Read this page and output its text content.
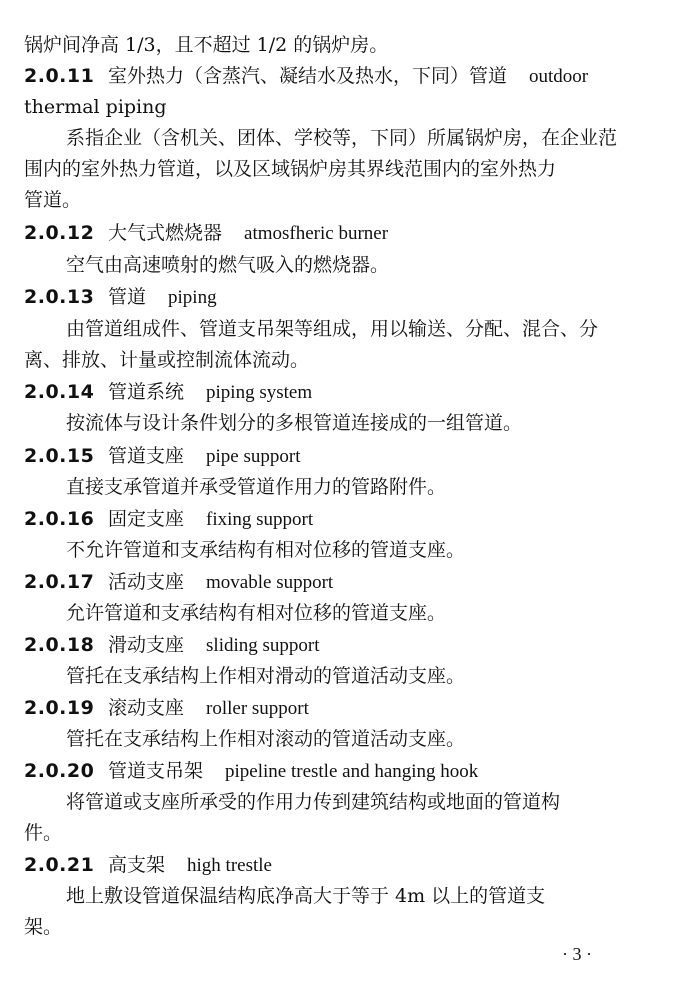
锅炉间净高 1/3，且不超过 1/2 的锅炉房。
2.0.11 室外热力（含蒸汽、凝结水及热水，下同）管道 outdoor
thermal piping
系指企业（含机关、团体、学校等，下同）所属锅炉房，在企业范
围内的室外热力管道，以及区域锅炉房其界线范围内的室外热力
管道。
2.0.12 大气式燃烧器 atmosfheric burner
空气由高速喷射的燃气吸入的燃烧器。
2.0.13 管道 piping
由管道组成件、管道支吊架等组成，用以输送、分配、混合、分
离、排放、计量或控制流体流动。
2.0.14 管道系统 piping system
按流体与设计条件划分的多根管道连接成的一组管道。
2.0.15 管道支座 pipe support
直接支承管道并承受管道作用力的管路附件。
2.0.16 固定支座 fixing support
不允许管道和支承结构有相对位移的管道支座。
2.0.17 活动支座 movable support
允许管道和支承结构有相对位移的管道支座。
2.0.18 滑动支座 sliding support
管托在支承结构上作相对滑动的管道活动支座。
2.0.19 滚动支座 roller support
管托在支承结构上作相对滚动的管道活动支座。
2.0.20 管道支吊架 pipeline trestle and hanging hook
将管道或支座所承受的作用力传到建筑结构或地面的管道构
件。
2.0.21 高支架 high trestle
地上敷设管道保温结构底净高大于等于 4m 以上的管道支
架。
· 3 ·
